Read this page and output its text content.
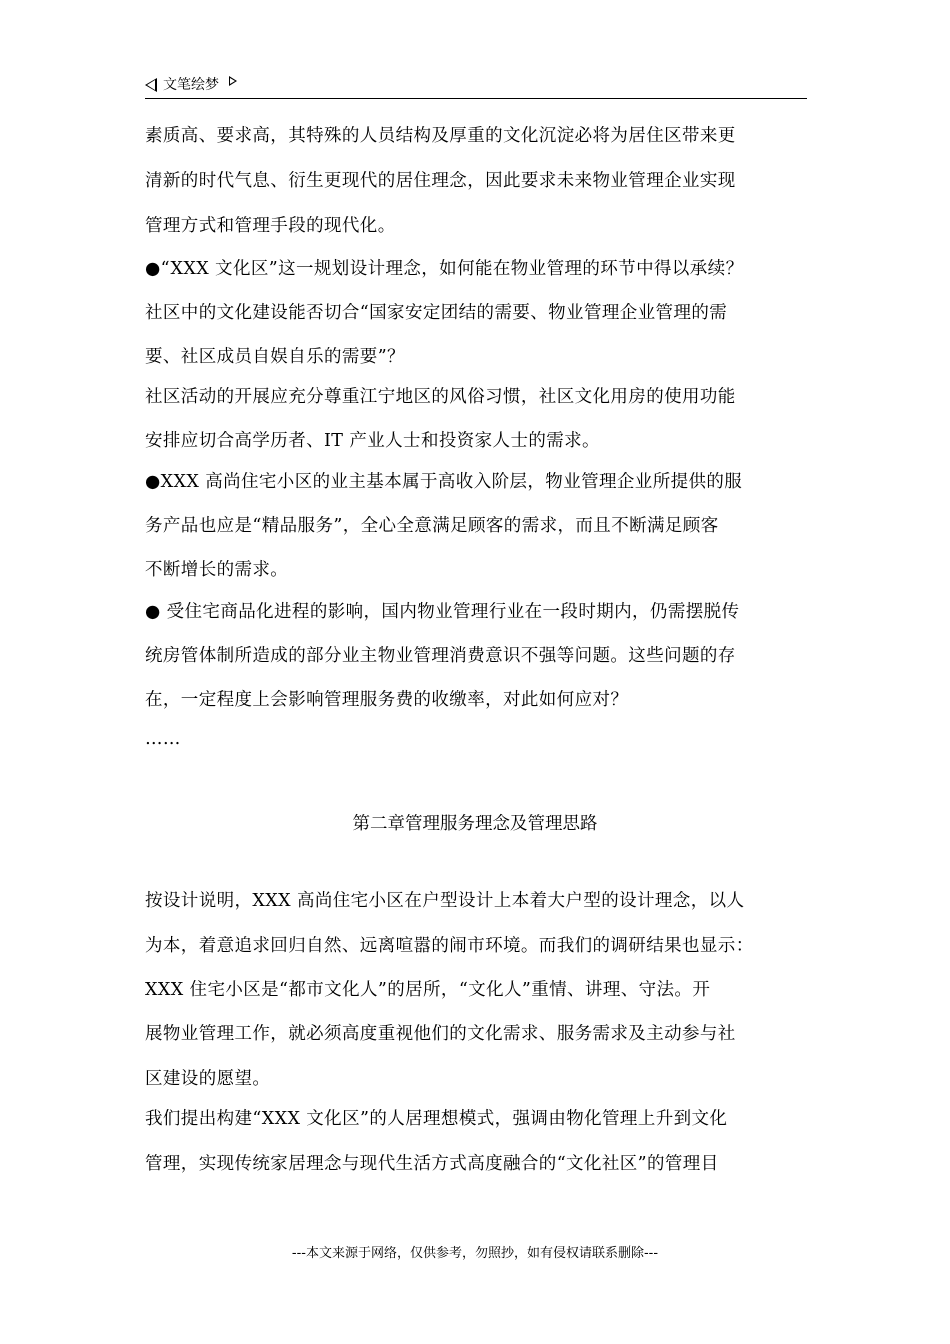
文笔绘梦
素质高、要求高，其特殊的人员结构及厚重的文化沉淀必将为居住区带来更
清新的时代气息、衍生更现代的居住理念，因此要求未来物业管理企业实现
管理方式和管理手段的现代化。
●“XXX 文化区”这一规划设计理念，如何能在物业管理的环节中得以承续？
社区中的文化建设能否切合“国家安定团结的需要、物业管理企业管理的需
要、社区成员自娱自乐的需要”？
社区活动的开展应充分尊重江宁地区的风俗习惯，社区文化用房的使用功能
安排应切合高学历者、IT 产业人士和投资家人士的需求。
●XXX 高尚住宅小区的业主基本属于高收入阶层，物业管理企业所提供的服
务产品也应是“精品服务”，全心全意满足顾客的需求，而且不断满足顾客
不断增长的需求。
● 受住宅商品化进程的影响，国内物业管理行业在一段时期内，仍需摆脱传
统房管体制所造成的部分业主物业管理消费意识不强等问题。这些问题的存
在，一定程度上会影响管理服务费的收缴率，对此如何应对？
……
第二章管理服务理念及管理思路
按设计说明，XXX 高尚住宅小区在户型设计上本着大户型的设计理念，以人
为本，着意追求回归自然、远离喧嚣的闹市环境。而我们的调研结果也显示：
XXX 住宅小区是“都市文化人”的居所，“文化人”重情、讲理、守法。开
展物业管理工作，就必须高度重视他们的文化需求、服务需求及主动参与社
区建设的愿望。
我们提出构建“XXX 文化区”的人居理想模式，强调由物化管理上升到文化
管理，实现传统家居理念与现代生活方式高度融合的“文化社区”的管理目
---本文来源于网络，仅供参考，勿照抄，如有侵权请联系删除---
